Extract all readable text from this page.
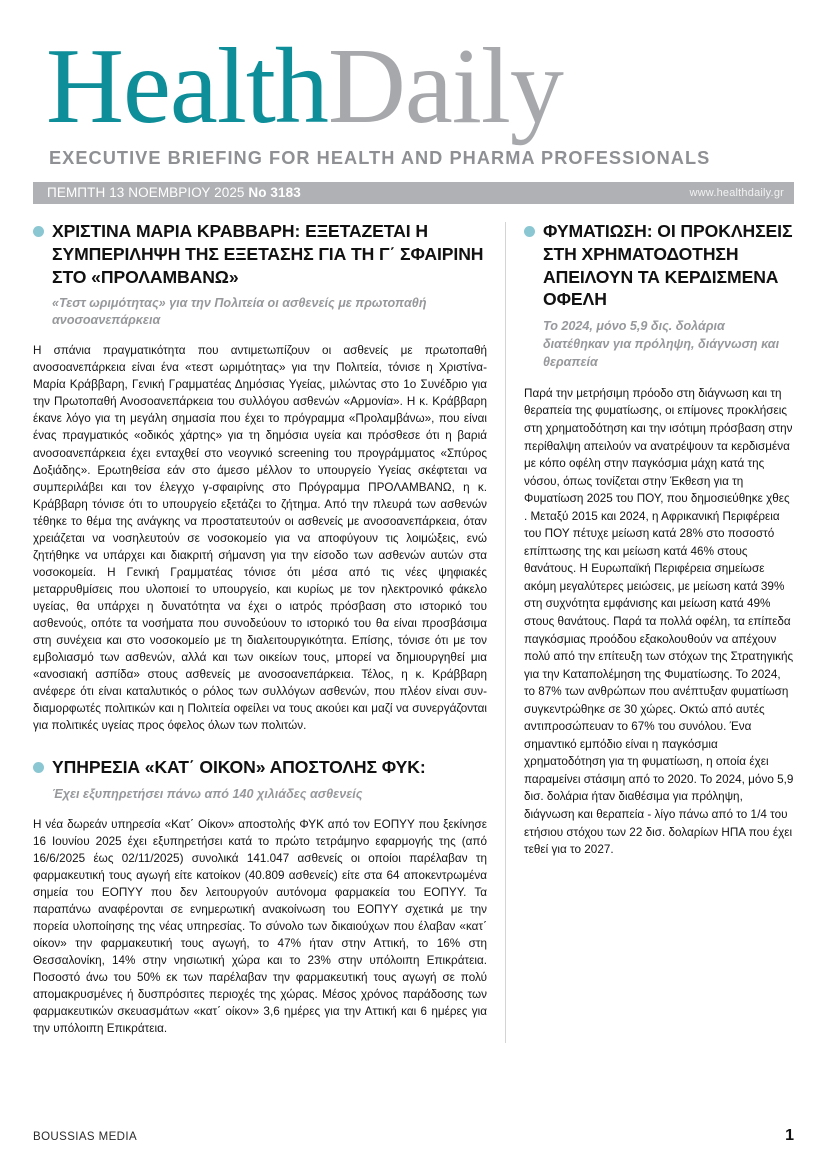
HealthDaily
EXECUTIVE BRIEFING FOR HEALTH AND PHARMA PROFESSIONALS
ΠΕΜΠΤΗ 13 ΝΟΕΜΒΡΙΟΥ 2025 No 3183	www.healthdaily.gr
ΧΡΙΣΤΙΝΑ ΜΑΡΙΑ ΚΡΑΒΒΑΡΗ: ΕΞΕΤΑΖΕΤΑΙ Η ΣΥΜΠΕΡΙΛΗΨΗ ΤΗΣ ΕΞΕΤΑΣΗΣ ΓΙΑ ΤΗ Γ΄ ΣΦΑΙΡΙΝΗ ΣΤΟ «ΠΡΟΛΑΜΒΑΝΩ»
«Τεστ ωριμότητας» για την Πολιτεία οι ασθενείς με πρωτοπαθή ανοσοανεπάρκεια

Η σπάνια πραγματικότητα που αντιμετωπίζουν οι ασθενείς με πρωτοπαθή ανοσοανεπάρκεια είναι ένα «τεστ ωριμότητας» για την Πολιτεία, τόνισε η Χριστίνα-Μαρία Κράββαρη, Γενική Γραμματέας Δημόσιας Υγείας, μιλώντας στο 1ο Συνέδριο για την Πρωτοπαθή Ανοσοανεπάρκεια του συλλόγου ασθενών «Αρμονία». Η κ. Κράββαρη έκανε λόγο για τη μεγάλη σημασία που έχει το πρόγραμμα «Προλαμβάνω», που είναι ένας πραγματικός «οδικός χάρτης» για τη δημόσια υγεία και πρόσθεσε ότι η βαριά ανοσοανεπάρκεια έχει ενταχθεί στο νεογνικό screening του προγράμματος «Σπύρος Δοξιάδης». Ερωτηθείσα εάν στο άμεσο μέλλον το υπουργείο Υγείας σκέφτεται να συμπεριλάβει και τον έλεγχο γ-σφαιρίνης στο Πρόγραμμα ΠΡΟΛΑΜΒΑΝΩ, η κ. Κράββαρη τόνισε ότι το υπουργείο εξετάζει το ζήτημα. Από την πλευρά των ασθενών τέθηκε το θέμα της ανάγκης να προστατευτούν οι ασθενείς με ανοσοανεπάρκεια, όταν χρειάζεται να νοσηλευτούν σε νοσοκομείο για να αποφύγουν τις λοιμώξεις, ενώ ζητήθηκε να υπάρχει και διακριτή σήμανση για την είσοδο των ασθενών αυτών στα νοσοκομεία. Η Γενική Γραμματέας τόνισε ότι μέσα από τις νέες ψηφιακές μεταρρυθμίσεις που υλοποιεί το υπουργείο, και κυρίως με τον ηλεκτρονικό φάκελο υγείας, θα υπάρχει η δυνατότητα να έχει ο ιατρός πρόσβαση στο ιστορικό του ασθενούς, οπότε τα νοσήματα που συνοδεύουν το ιστορικό του θα είναι προσβάσιμα στη συνέχεια και στο νοσοκομείο με τη διαλειτουργικότητα. Επίσης, τόνισε ότι με τον εμβολιασμό των ασθενών, αλλά και των οικείων τους, μπορεί να δημιουργηθεί μια «ανοσιακή ασπίδα» στους ασθενείς με ανοσοανεπάρκεια. Τέλος, η κ. Κράββαρη ανέφερε ότι είναι καταλυτικός ο ρόλος των συλλόγων ασθενών, που πλέον είναι συν-διαμορφωτές πολιτικών και η Πολιτεία οφείλει να τους ακούει και μαζί να συνεργάζονται για πολιτικές υγείας προς όφελος όλων των πολιτών.

ΥΠΗΡΕΣΙΑ «ΚΑΤ΄ ΟΙΚΟΝ» ΑΠΟΣΤΟΛΗΣ ΦΥΚ:
Έχει εξυπηρετήσει πάνω από 140 χιλιάδες ασθενείς

Η νέα δωρεάν υπηρεσία «Κατ΄ Οίκον» αποστολής ΦΥΚ από τον ΕΟΠΥΥ που ξεκίνησε 16 Ιουνίου 2025 έχει εξυπηρετήσει κατά το πρώτο τετράμηνο εφαρμογής της (από 16/6/2025 έως 02/11/2025) συνολικά 141.047 ασθενείς οι οποίοι παρέλαβαν τη φαρμακευτική τους αγωγή είτε κατοίκον (40.809 ασθενείς) είτε στα 64 αποκεντρωμένα σημεία του ΕΟΠΥΥ που δεν λειτουργούν αυτόνομα φαρμακεία του ΕΟΠΥΥ. Τα παραπάνω αναφέρονται σε ενημερωτική ανακοίνωση του ΕΟΠΥΥ σχετικά με την πορεία υλοποίησης της νέας υπηρεσίας. Το σύνολο των δικαιούχων που έλαβαν «κατ΄ οίκον» την φαρμακευτική τους αγωγή, το 47% ήταν στην Αττική, το 16% στη Θεσσαλονίκη, 14% στην νησιωτική χώρα και το 23% στην υπόλοιπη Επικράτεια. Ποσοστό άνω του 50% εκ των παρέλαβαν την φαρμακευτική τους αγωγή σε πολύ απομακρυσμένες ή δυσπρόσιτες περιοχές της χώρας. Μέσος χρόνος παράδοσης των φαρμακευτικών σκευασμάτων «κατ΄ οίκον» 3,6 ημέρες για την Αττική και 6 ημέρες για την υπόλοιπη Επικράτεια.

ΦΥΜΑΤΙΩΣΗ: ΟΙ ΠΡΟΚΛΗΣΕΙΣ ΣΤΗ ΧΡΗΜΑΤΟΔΟΤΗΣΗ ΑΠΕΙΛΟΥΝ ΤΑ ΚΕΡΔΙΣΜΕΝΑ ΟΦΕΛΗ
Το 2024, μόνο 5,9 δις. δολάρια διατέθηκαν για πρόληψη, διάγνωση και θεραπεία

Παρά την μετρήσιμη πρόοδο στη διάγνωση και τη θεραπεία της φυματίωσης, οι επίμονες προκλήσεις στη χρηματοδότηση και την ισότιμη πρόσβαση στην περίθαλψη απειλούν να ανατρέψουν τα κερδισμένα με κόπο οφέλη στην παγκόσμια μάχη κατά της νόσου, όπως τονίζεται στην Έκθεση για τη Φυματίωση 2025 του ΠΟΥ, που δημοσιεύθηκε χθες . Μεταξύ 2015 και 2024, η Αφρικανική Περιφέρεια του ΠΟΥ πέτυχε μείωση κατά 28% στο ποσοστό επίπτωσης της και μείωση κατά 46% στους θανάτους. Η Ευρωπαϊκή Περιφέρεια σημείωσε ακόμη μεγαλύτερες μειώσεις, με μείωση κατά 39% στη συχνότητα εμφάνισης και μείωση κατά 49% στους θανάτους. Παρά τα πολλά οφέλη, τα επίπεδα παγκόσμιας προόδου εξακολουθούν να απέχουν πολύ από την επίτευξη των στόχων της Στρατηγικής για την Καταπολέμηση της Φυματίωσης. Το 2024, το 87% των ανθρώπων που ανέπτυξαν φυματίωση συγκεντρώθηκε σε 30 χώρες. Οκτώ από αυτές αντιπροσώπευαν το 67% του συνόλου. Ένα σημαντικό εμπόδιο είναι η παγκόσμια χρηματοδότηση για τη φυματίωση, η οποία έχει παραμείνει στάσιμη από το 2020. Το 2024, μόνο 5,9 δισ. δολάρια ήταν διαθέσιμα για πρόληψη, διάγνωση και θεραπεία - λίγο πάνω από το 1/4 του ετήσιου στόχου των 22 δισ. δολαρίων ΗΠΑ που έχει τεθεί για το 2027.

BOUSSIAS MEDIA	1
